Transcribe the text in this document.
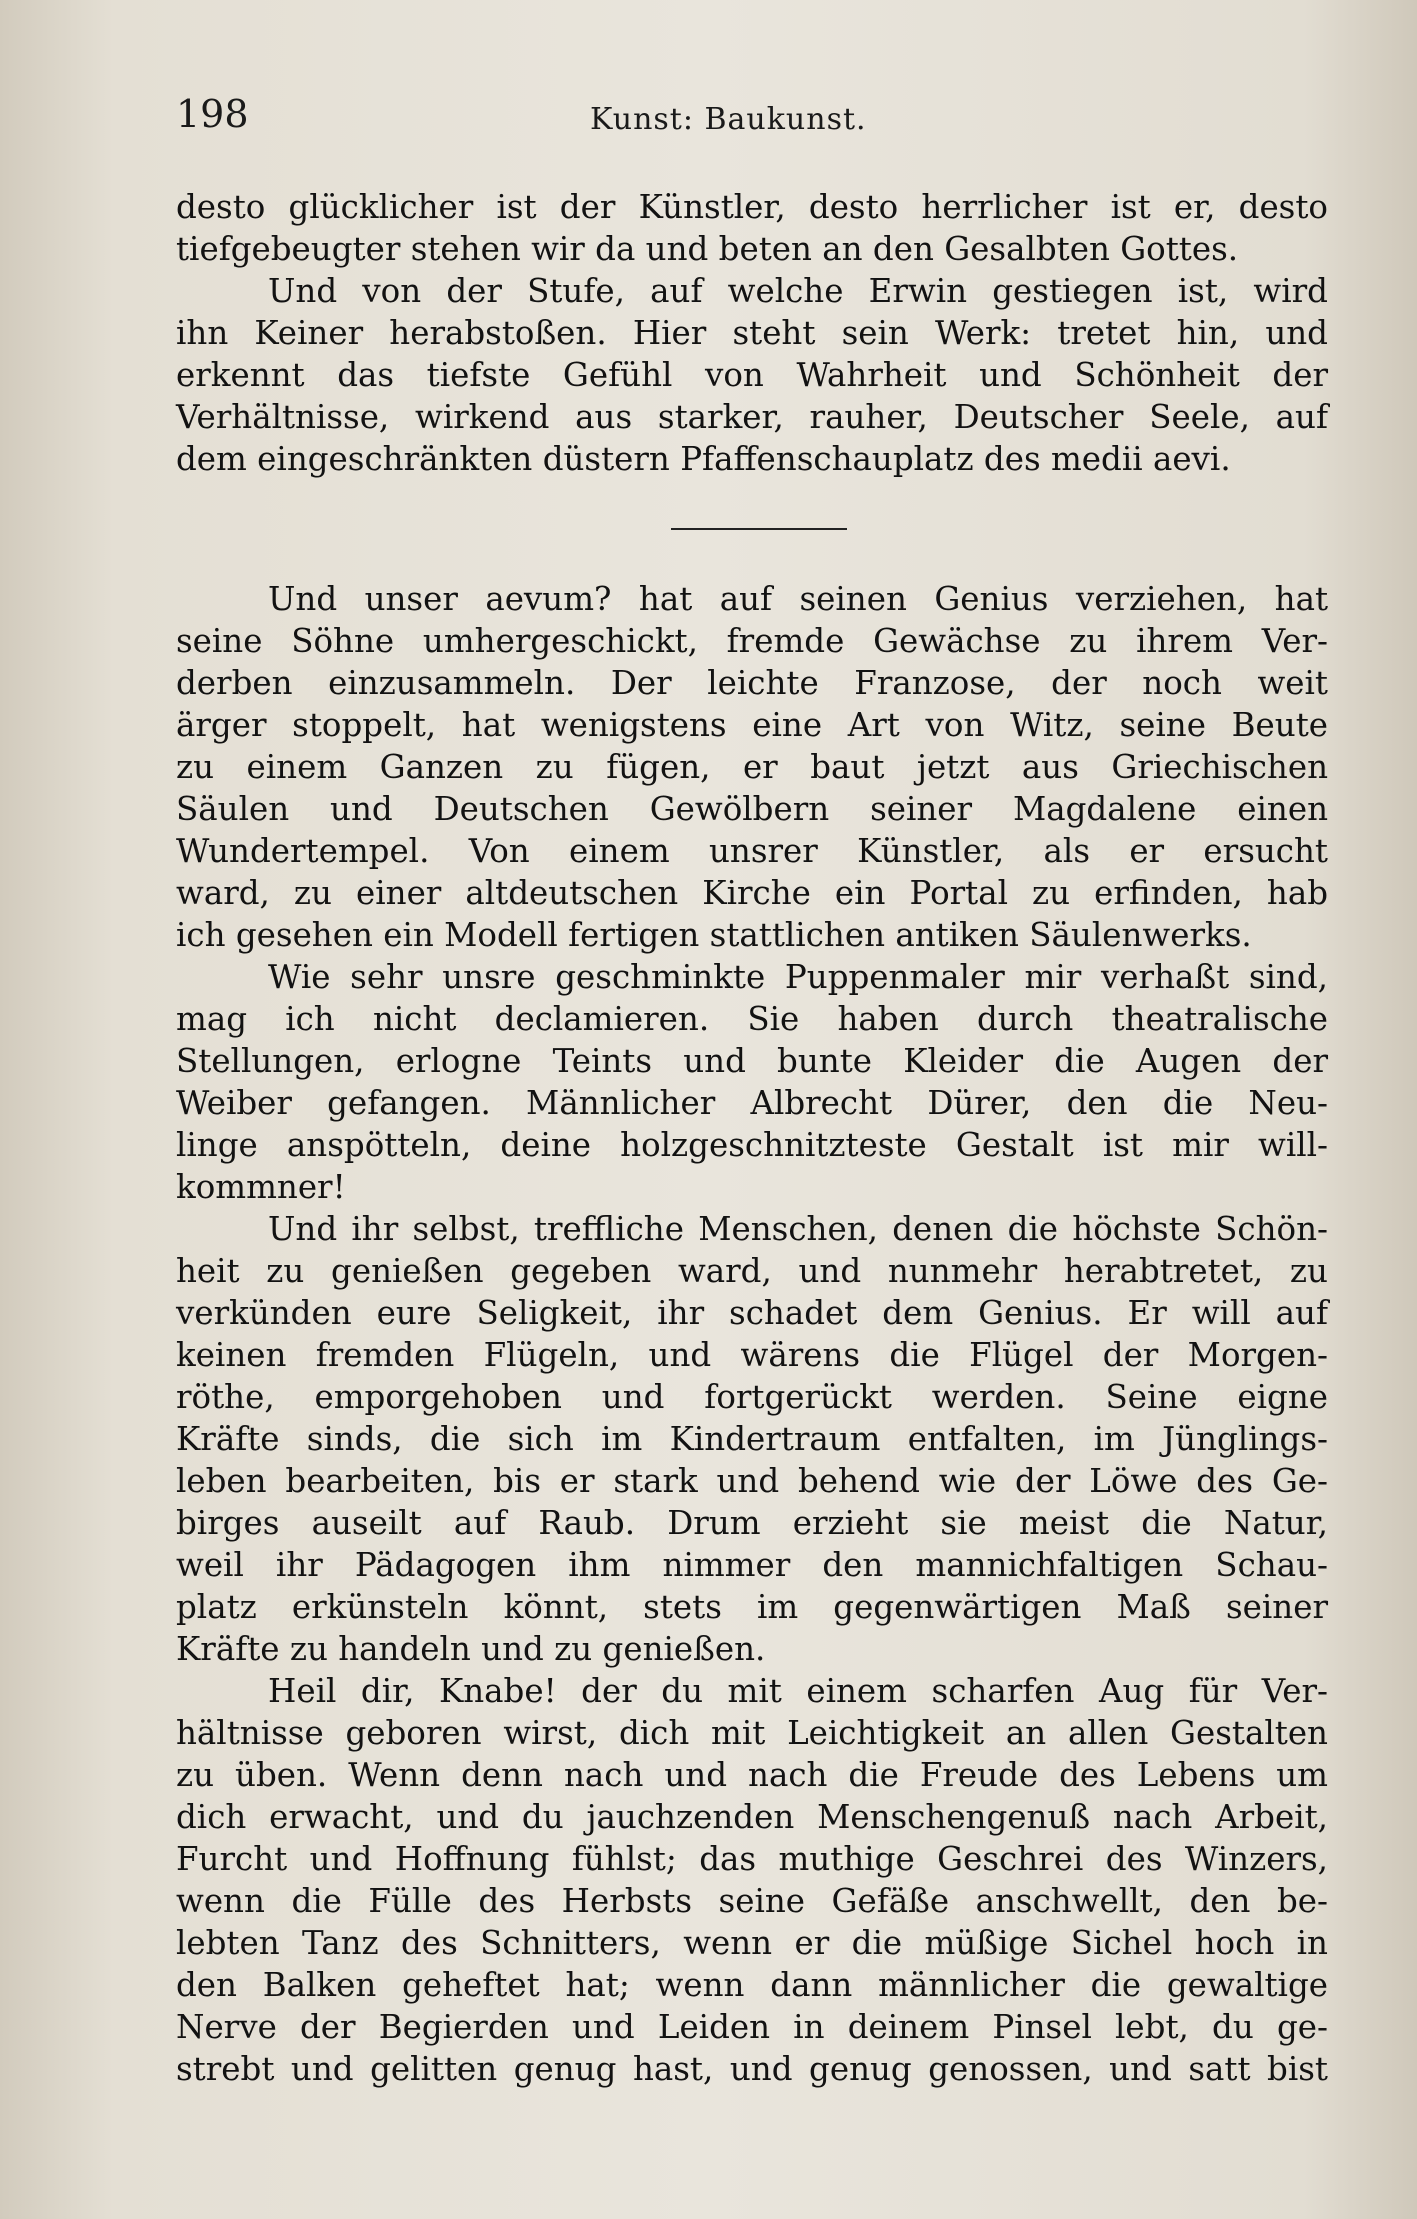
198	Kunst: Baukunst.
desto glücklicher ist der Künstler, desto herrlicher ist er, desto
tiefgebeugter stehen wir da und beten an den Gesalbten Gottes.
Und von der Stufe, auf welche Erwin gestiegen ist, wird
ihn Keiner herabstoßen. Hier steht sein Werk: tretet hin, und
erkennt das tiefste Gefühl von Wahrheit und Schönheit der
Verhältnisse, wirkend aus starker, rauher, Deutscher Seele, auf
dem eingeschränkten düstern Pfaffenschauplatz des medii aevi.
Und unser aevum? hat auf seinen Genius verziehen, hat
seine Söhne umhergeschickt, fremde Gewächse zu ihrem Ver-
derben einzusammeln. Der leichte Franzose, der noch weit
ärger stoppelt, hat wenigstens eine Art von Witz, seine Beute
zu einem Ganzen zu fügen, er baut jetzt aus Griechischen
Säulen und Deutschen Gewölbern seiner Magdalene einen
Wundertempel. Von einem unsrer Künstler, als er ersucht
ward, zu einer altdeutschen Kirche ein Portal zu erfinden, hab
ich gesehen ein Modell fertigen stattlichen antiken Säulenwerks.
Wie sehr unsre geschminkte Puppenmaler mir verhaßt sind,
mag ich nicht declamieren. Sie haben durch theatralische
Stellungen, erlogne Teints und bunte Kleider die Augen der
Weiber gefangen. Männlicher Albrecht Dürer, den die Neu-
linge anspötteln, deine holzgeschnitzteste Gestalt ist mir will-
kommner!
Und ihr selbst, treffliche Menschen, denen die höchste Schön-
heit zu genießen gegeben ward, und nunmehr herabtretet, zu
verkünden eure Seligkeit, ihr schadet dem Genius. Er will auf
keinen fremden Flügeln, und wärens die Flügel der Morgen-
röthe, emporgehoben und fortgerückt werden. Seine eigne
Kräfte sinds, die sich im Kindertraum entfalten, im Jünglings-
leben bearbeiten, bis er stark und behend wie der Löwe des Ge-
birges auseilt auf Raub. Drum erzieht sie meist die Natur,
weil ihr Pädagogen ihm nimmer den mannichfaltigen Schau-
platz erkünsteln könnt, stets im gegenwärtigen Maß seiner
Kräfte zu handeln und zu genießen.
Heil dir, Knabe! der du mit einem scharfen Aug für Ver-
hältnisse geboren wirst, dich mit Leichtigkeit an allen Gestalten
zu üben. Wenn denn nach und nach die Freude des Lebens um
dich erwacht, und du jauchzenden Menschengenuß nach Arbeit,
Furcht und Hoffnung fühlst; das muthige Geschrei des Winzers,
wenn die Fülle des Herbsts seine Gefäße anschwellt, den be-
lebten Tanz des Schnitters, wenn er die müßige Sichel hoch in
den Balken geheftet hat; wenn dann männlicher die gewaltige
Nerve der Begierden und Leiden in deinem Pinsel lebt, du ge-
strebt und gelitten genug hast, und genug genossen, und satt bist
